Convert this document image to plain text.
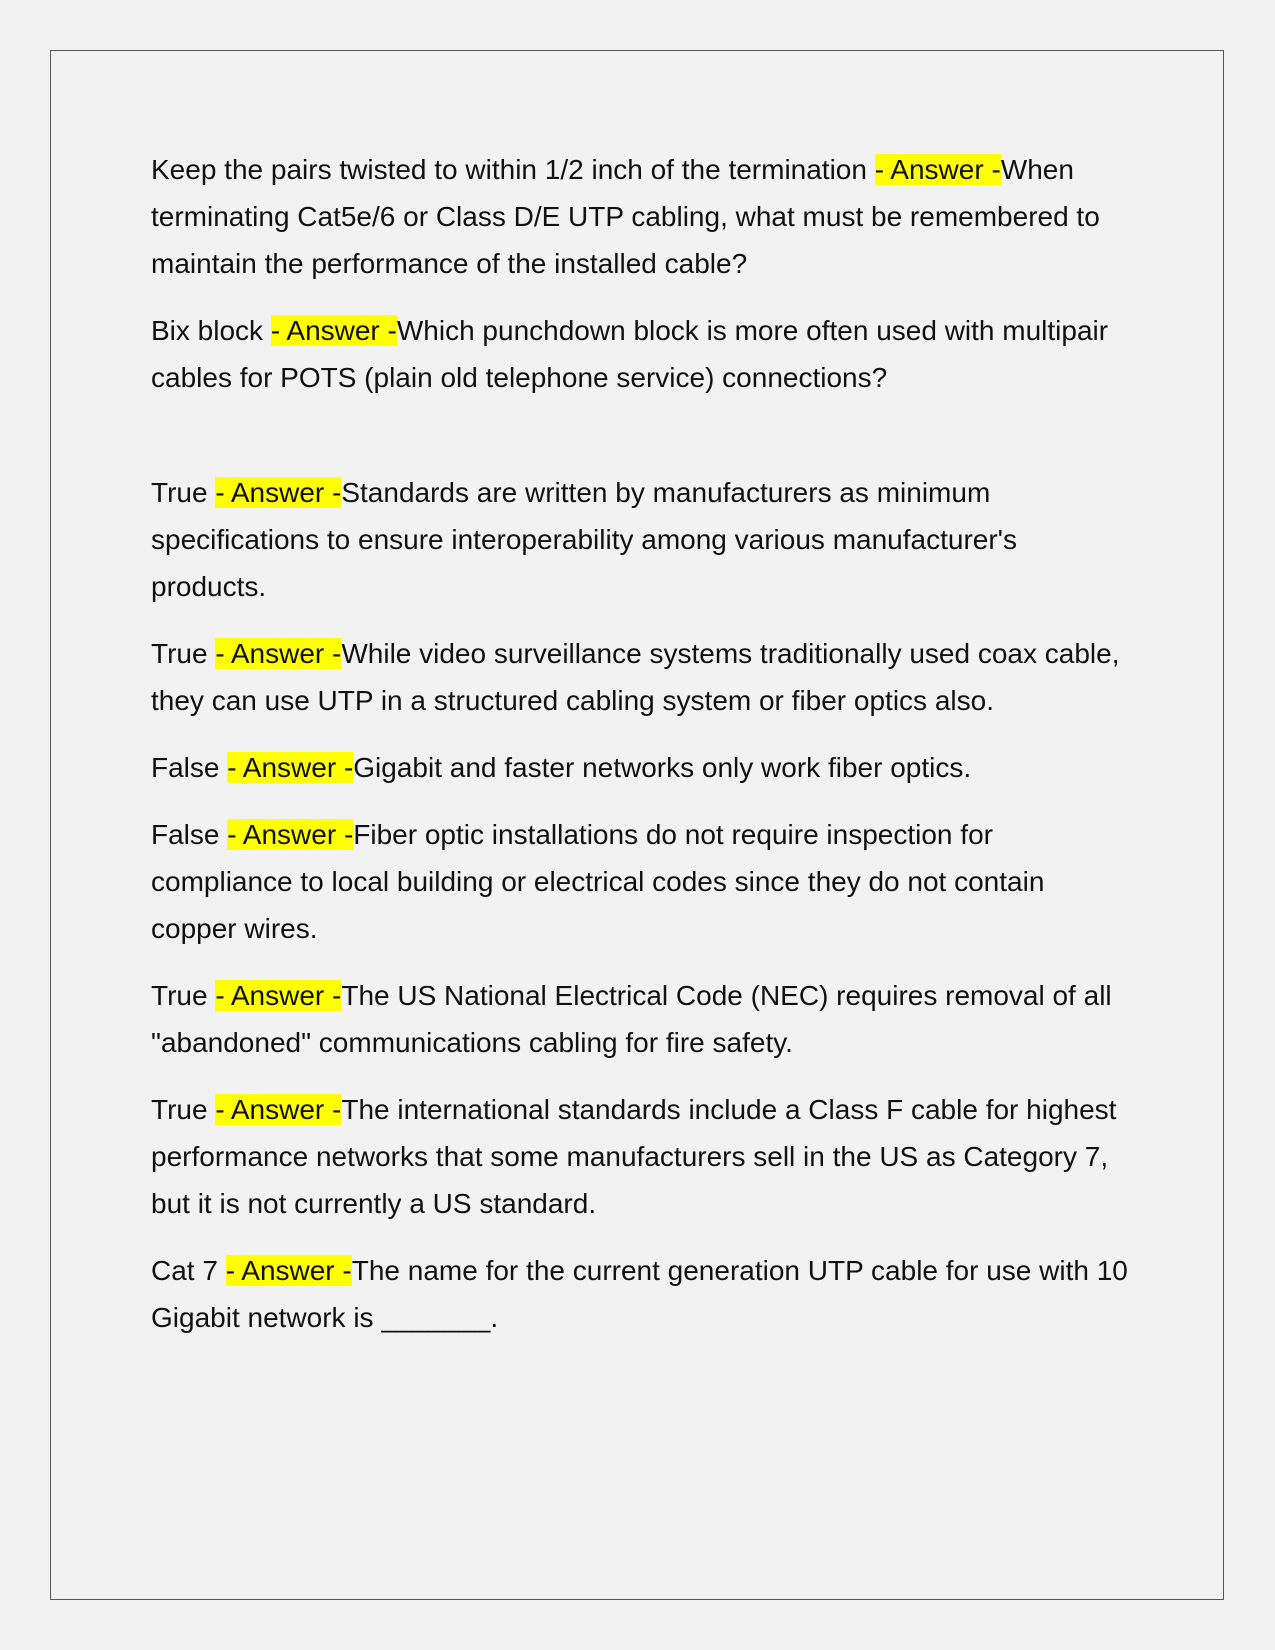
Keep the pairs twisted to within 1/2 inch of the termination - Answer -When terminating Cat5e/6 or Class D/E UTP cabling, what must be remembered to maintain the performance of the installed cable?

Bix block - Answer -Which punchdown block is more often used with multipair cables for POTS (plain old telephone service) connections?

True - Answer -Standards are written by manufacturers as minimum specifications to ensure interoperability among various manufacturer's products.

True - Answer -While video surveillance systems traditionally used coax cable, they can use UTP in a structured cabling system or fiber optics also.

False - Answer -Gigabit and faster networks only work fiber optics.

False - Answer -Fiber optic installations do not require inspection for compliance to local building or electrical codes since they do not contain copper wires.

True - Answer -The US National Electrical Code (NEC) requires removal of all "abandoned" communications cabling for fire safety.

True - Answer -The international standards include a Class F cable for highest performance networks that some manufacturers sell in the US as Category 7, but it is not currently a US standard.

Cat 7 - Answer -The name for the current generation UTP cable for use with 10 Gigabit network is _______.
